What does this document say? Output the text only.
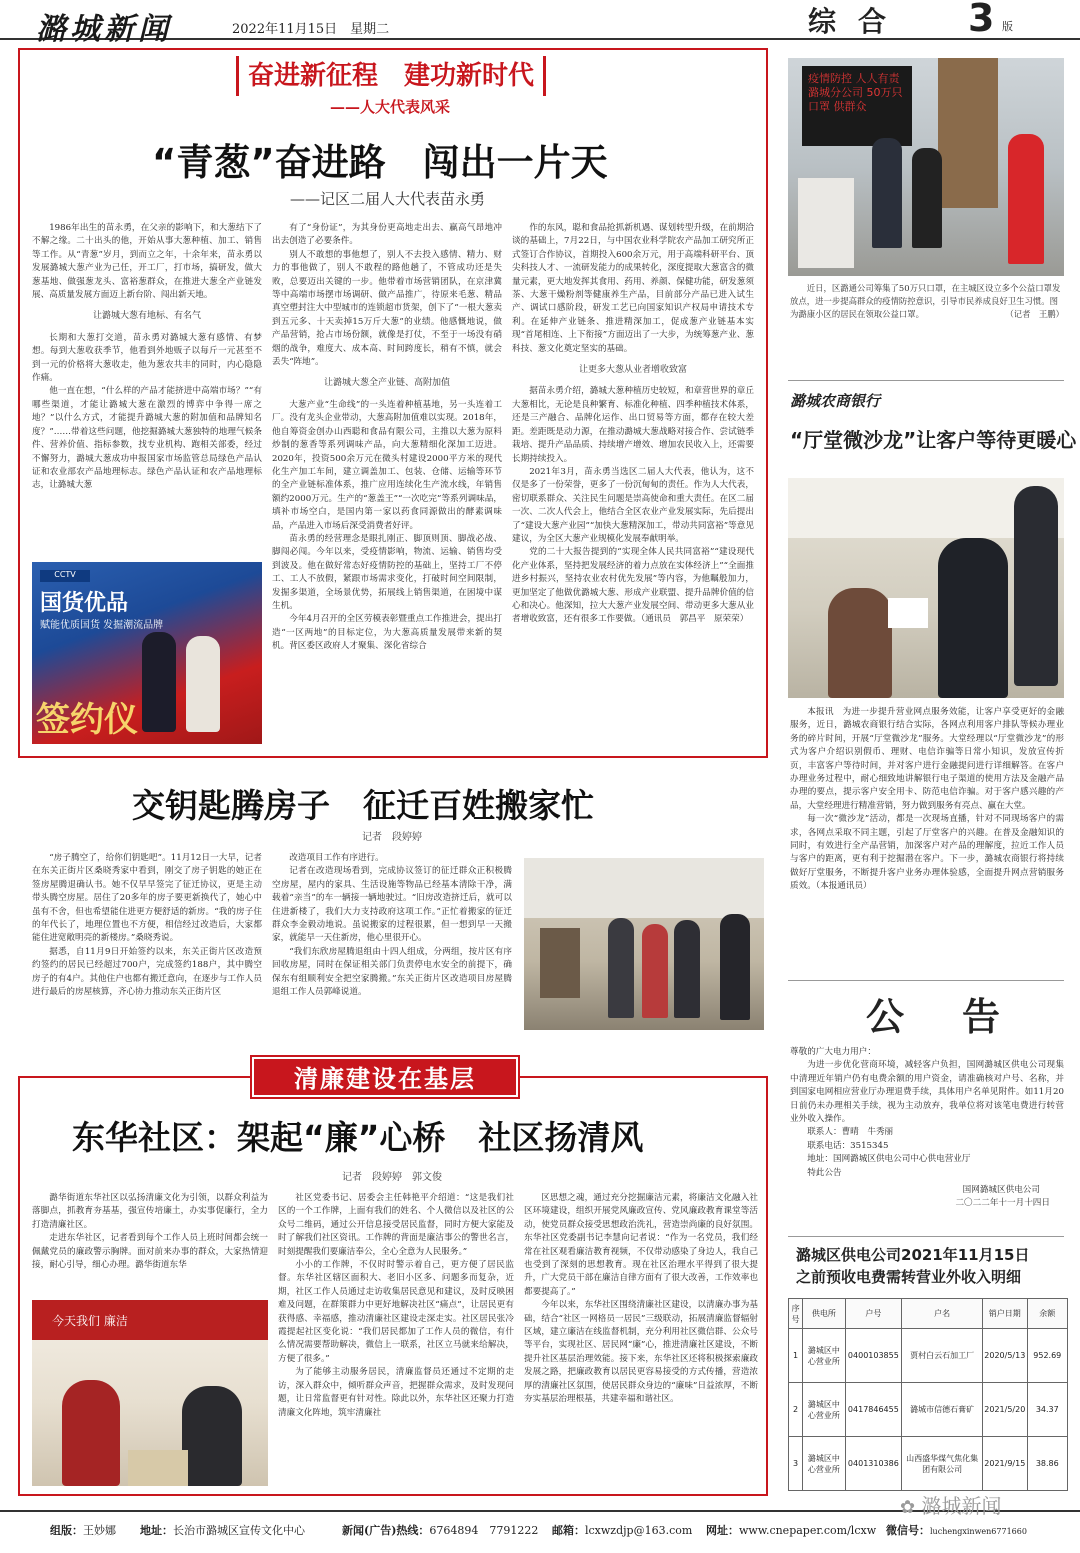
潞城新闻	2022年11月15日　星期二	综合 3 版
奋进新征程　建功新时代
——人大代表风采
“青葱”奋进路　闯出一片天
——记区二届人大代表苗永勇

1986年出生的苗永勇，在父亲的影响下，和大葱结下了不解之缘。二十出头的他，开始从事大葱种植、加工、销售等工作。从“青葱”岁月，到而立之年，十余年来，苗永勇以发展潞城大葱产业为己任，开工厂，打市场，搞研发，做大葱基地、做强葱龙头、富裕葱群众，在推进大葱全产业链发展、高质量发展方面迈上新台阶、闯出新天地。

让潞城大葱有地标、有名气

长期和大葱打交道，苗永勇对潞城大葱有感情、有梦想。每到大葱收获季节，他看到外地贩子以每斤一元甚至不到一元的价格将大葱收走，他为葱农共丰的同时，内心隐隐作痛。

他一直在想，“什么样的产品才能挤进中高端市场？”“有哪些渠道，才能让潞城大葱在激烈的博弈中争得一席之地？”以什么方式，才能提升潞城大葱的附加值和品牌知名度？”……带着这些问题，他挖掘潞城大葱独特的地理气候条件、营养价值、指标参数，找专业机构、跑相关部委，经过不懈努力，潞城大葱成功申报国家市场监管总局绿色产品认证和农业部农产品地理标志。绿色产品认证和农产品地理标志，让潞城大葱

CCTV
国货优品
赋能优质国货 发掘潮流品牌
签约仪

有了“身份证”，为其身份更高地走出去、赢高气昂地冲出去创造了必要条件。

别人不敢想的事他想了，别人不去投入感情、精力、财力的事他做了，别人不敢程的路他趟了，不管成功还是失败，总要迈出关键的一步。他带着市场营销团队，在京津冀等中高端市场摆市场调研、做产品推广，待原来毛葱、精品真空塑封注大中型城市的连锁超市货架，创下了“一根大葱卖到五元多、十天卖掉15万斤大葱”的业绩。他感慨地说，做产品营销，抢占市场份额，就像是打仗，不至于一场没有硝烟的战争，难度大、成本高、时间跨度长，稍有不慎，就会丢失“阵地”。

让潞城大葱全产业链、高附加值

大葱产业“生命线”的一头连着种植基地，另一头连着工厂。没有龙头企业带动，大葱高附加值难以实现。2018年，他自筹资金创办山西聪和食品有限公司，主推以大葱为原料炒制的葱香等系列调味产品，向大葱精细化深加工迈进。2020年，投资500余万元在微头村建设2000平方米的现代化生产加工车间，建立调盖加工、包装、仓储、运输等环节的全产业链标准体系，推广应用连续化生产流水线，年销售额约2000万元。生产的“葱盖王”“一次吃完”等系列调味品，填补市场空白，是国内第一家以药食同源做出的酵素调味品，产品进入市场后深受消费者好评。

苗永勇的经营理念是眼扎刚正、脚顶则顶、脚战必战、脚闯必闯。今年以来，受疫情影响，物流、运输、销售均受到波及。他在做好常态好疫情防控的基础上，坚持工厂不停工、工人不放假，紧跟市场需求变化，打破时间空间限制，发掘多渠道，全场景优势，拓展线上销售渠道，在困境中谋生机。

今年4月召开的全区劳模表彰暨重点工作推进会，提出打造“一区两地”的目标定位，为大葱高质量发展带来新的契机。背区委区政府人才聚集、深化省综合

作的东风，聪和食品抢抓新机遇、谋划转型升级，在前期洽谈的基础上，7月22日，与中国农业科学院农产品加工研究所正式签订合作协议，首期投入600余万元，用于高端科研平台、顶尖科技人才、一流研发能力的成果转化，深度提取大葱富含的微量元素，更大地发挥其食用、药用、养颜、保健功能，研发葱须茶、大葱干燥粉剂等健康养生产品，目前部分产品已进入试生产、调试口感阶段，研发工艺已向国家知识产权局申请技术专利。在延伸产业链条、推进精深加工，促成葱产业链基本实现“首尾相连、上下衔接”方面迈出了一大步，为统筹葱产业、葱科技、葱文化奠定坚实的基础。

让更多大葱从业者增收致富

据苗永勇介绍，潞城大葱种植历史较短，和章营世界的章丘大葱相比，无论是良种繁育、标准化种植、四季种植技术体系，还是三产融合、品牌化运作、出口贸易等方面，都存在较大差距。差距既是动力源，在推动潞城大葱战略对接合作、尝试链季栽培、提升产品品质、持续增产增效、增加农民收入上，还需要长期持续投入。

2021年3月，苗永勇当选区二届人大代表，他认为，这不仅是多了一份荣誉，更多了一份沉甸甸的责任。作为人大代表，密切联系群众、关注民生问题是崇高使命和重大责任。在区二届一次、二次人代会上，他结合全区农业产业发展实际，先后提出了“建设大葱产业园”“加快大葱精深加工，带动共同富裕”等意见建议，为全区大葱产业规模化发展奉献明举。

党的二十大报告提到的“实现全体人民共同富裕”“建设现代化产业体系，坚持把发展经济的着力点放在实体经济上”“全面推进乡村振兴，坚持农业农村优先发展”等内容，为他瞩般加力，更加坚定了他做优潞城大葱、形成产业联盟、提升品牌价值的信心和决心。他深知，拉大大葱产业发展空间、带动更多大葱从业者增收致富，还有很多工作要做。（通讯员　郭昌平　原荣荣）

交钥匙腾房子　征迁百姓搬家忙
记者　段婷婷

“房子腾空了，给你们钥匙吧”。11月12日一大早，记者在东关正街片区桑晓秀家中看到，刚交了房子钥匙的她正在签房屋腾退确认书。她不仅早早签完了征迁协议，更是主动带头腾空房屋。居住了20多年的房子要更新换代了，她心中虽有不舍，但也希望能住进更方便舒适的新房。“我的房子住的年代长了，地理位置也不方便，相信经过改造后，大家都能住进宽敞明亮的新楼房。”桑晓秀说。

据悉，自11月9日开始签约以来，东关正街片区改造预约签约的居民已经超过700户，完成签约188户，其中腾空房子的有4户。其他住户也都有搬迁意向，在逐步与工作人员进行最后的房屋核算，齐心协力推动东关正街片区

改造项目工作有序进行。

记者在改造现场看到，完成协议签订的征迁群众正积极腾空房屋，屋内的家具、生活设施等物品已经基本清除干净，满载着“亲当”的车一辆接一辆地驶过。“旧房改造挤迁后，就可以住进新楼了，我们大力支持政府这项工作。”正忙着搬家的征迁群众李金毅动地说。虽说搬家的过程很累，但一想到早一天搬家，就能早一天住新房，他心里很开心。

“我们东欣房屋腾退组由十四人组成，分两组，按片区有序回收房屋，同时在保证相关部门负责停电水安全的前提下，确保东有组顺利安全把空家腾搬。”东关正街片区改造项目房屋腾退组工作人员郭峰说道。

清廉建设在基层
东华社区：架起“廉”心桥　社区扬清风
记者　段婷婷　郭文俊

潞华街道东华社区以弘扬清廉文化为引领，以群众利益为落脚点，抓教育夯基基，强宣传培廉土，办实事促廉行，全力打造清廉社区。

走进东华社区，记者看到每个工作人员上班时间都会统一佩戴党员的廉政警示胸牌。面对前来办事的群众，大家热情迎接，耐心引导，细心办理。潞华街道东华

今天我们 廉洁

社区党委书记、居委会主任韩艳平介绍道：“这是我们社区的一个工作牌，上面有我们的姓名、个人微信以及社区的公众号二维码，通过公开信息接受居民监督，同时方便大家能及时了解我们社区资讯。工作牌的背面是廉洁事公的警世名言，时刻提醒我们要廉洁奉公，全心全意为人民服务。”

小小的工作牌，不仅时时警示着自己，更方便了居民监督。东华社区辖区面积大、老旧小区多、问题多而复杂，近期，社区工作人员通过走访收集居民意见和建议，及时反映困难及问题，在群策群力中更好地解决社区“痛点”，让居民更有获得感、幸福感，推动清廉社区建设走深走实。社区居民张冷霞提起社区变化说：“我们居民都加了工作人员的微信，有什么情况需要帮助解决，微信上一联系，社区立马就来给解决，方便了很多。”

为了能够主动服务居民，清廉监督员还通过不定期的走访，深入群众中，倾听群众声音，把握群众需求，及时发现问题，让日常监督更有针对性。除此以外，东华社区还聚力打造清廉文化阵地，筑牢清廉社

区思想之魂，通过充分挖掘廉洁元素，将廉洁文化融入社区环境建设，组织开展党风廉政宣传、党风廉政教育课堂等活动，使党员群众接受思想政治洗礼，营造崇尚廉的良好氛围。东华社区党委副书记李慧向记者说：“作为一名党员，我们经常在社区观看廉洁教育视频，不仅带动感染了身边人，我自己也受到了深刻的思想教育。现在社区治理水平得到了很大提升，广大党员干部在廉洁自律方面有了很大改善，工作效率也都要提高了。”

今年以来，东华社区围绕清廉社区建设，以清廉办事为基础，结合“社区一网格员一居民”三级联动，拓展清廉监督辐射区域，建立廉洁在线监督机制，充分利用社区微信群、公众号等平台，实现社区、居民网“廉”心，推进清廉社区建设，不断提升社区基层治理效能。接下来，东华社区还将积极探索廉政发展之路，把廉政教育以居民更容易接受的方式传播，营造浓厚的清廉社区氛围，使居民群众身边的“廉味”日益浓厚，不断夯实基层治理根基，共建幸福和谐社区。

疫情防控 人人有责 潞城分公司 50万只口罩 供群众
近日，区潞通公司筹集了50万只口罩，在主城区设立多个公益口罩发放点，进一步提高群众的疫情防控意识，引导市民养成良好卫生习惯。图为潞康小区的居民在领取公益口罩。	（记者　王鹏）
潞城农商银行
“厅堂微沙龙”让客户等待更暖心

本报讯　为进一步提升营业网点服务效能，让客户享受更好的金融服务，近日，潞城农商银行结合实际，各网点利用客户排队等候办理业务的碎片时间，开展“厅堂微沙龙”服务。大堂经理以“厅堂微沙龙”的形式为客户介绍识别假币、理财、电信诈骗等日常小知识，发放宣传折页，丰富客户等待时间，并对客户进行金融提问进行详细解答。在客户办理业务过程中，耐心细致地讲解银行电子渠道的使用方法及金融产品办理的要点，提示客户安全用卡、防范电信诈骗。对于客户感兴趣的产品，大堂经理进行精准营销，努力做到服务有亮点、赢在大堂。

每一次“微沙龙”活动，都是一次现场直播，针对不同现场客户的需求，各网点采取不同主题，引起了厅堂客户的兴趣。在普及金融知识的同时，有效进行全产品营销，加深客户对产品的理解度，拉近工作人员与客户的距离，更有利于挖掘潜在客户。下一步，潞城农商银行将持续做好厅堂服务，不断提升客户业务办理体验感，全面提升网点营销服务质效。（本报通讯员）

公　告
尊敬的广大电力用户：

为进一步优化营商环境，减轻客户负担，国网潞城区供电公司现集中清理近年销户仍有电费余额的用户资金，请准确核对户号、名称，并到国家电网相应营业厅办理退费手续，具体用户名单见附件。如11月20日前仍未办理相关手续，视为主动放弃，我单位将对该笔电费进行转营业外收入操作。

联系人：曹晴　牛秀丽

联系电话：3515345

地址：国网潞城区供电公司中心供电营业厅

特此公告

国网潞城区供电公司
二〇二二年十一月十四日
潞城区供电公司2021年11月15日
之前预收电费需转营业外收入明细
序号	供电所	户号	户名	销户日期	余额
1	潞城区中心营业所	0400103855	贾村白云石加工厂	2020/5/13	952.69
2	潞城区中心营业所	0417846455	潞城市信德石膏矿	2021/5/20	34.37
3	潞城区中心营业所	0401310386	山西盛华煤气焦化集团有限公司	2021/9/15	38.86
组版：王妙娜 地址：长治市潞城区宣传文化中心	新闻(广告)热线：6764894　7791222 邮箱：lcxwzdjp@163.com 网址：www.cnepaper.com/lcxw 微信号：luchengxinwen6771660
✿ 潞城新闻
